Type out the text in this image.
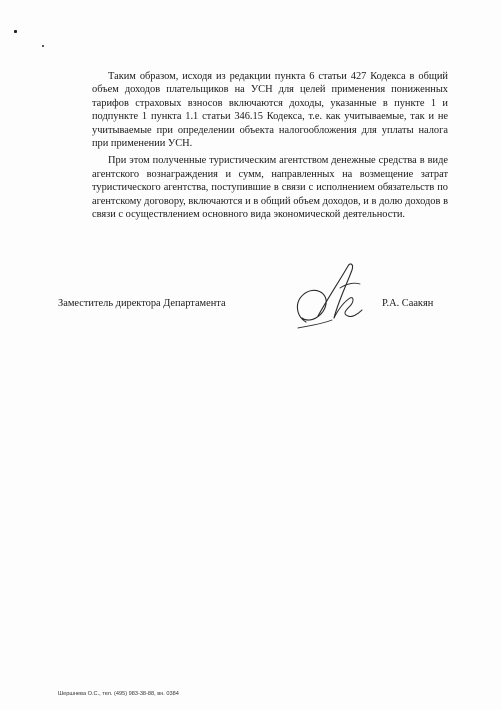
Таким образом, исходя из редакции пункта 6 статьи 427 Кодекса в общий объем доходов плательщиков на УСН для целей применения пониженных тарифов страховых взносов включаются доходы, указанные в пункте 1 и подпункте 1 пункта 1.1 статьи 346.15 Кодекса, т.е. как учитываемые, так и не учитываемые при определении объекта налогообложения для уплаты налога при применении УСН.

При этом полученные туристическим агентством денежные средства в виде агентского вознаграждения и сумм, направленных на возмещение затрат туристического агентства, поступившие в связи с исполнением обязательств по агентскому договору, включаются и в общий объем доходов, и в долю доходов в связи с осуществлением основного вида экономической деятельности.

Заместитель директора Департамента	Р.А. Саакян
Шершнева О.С., тел. (495) 983-38-88, вн. 0384
